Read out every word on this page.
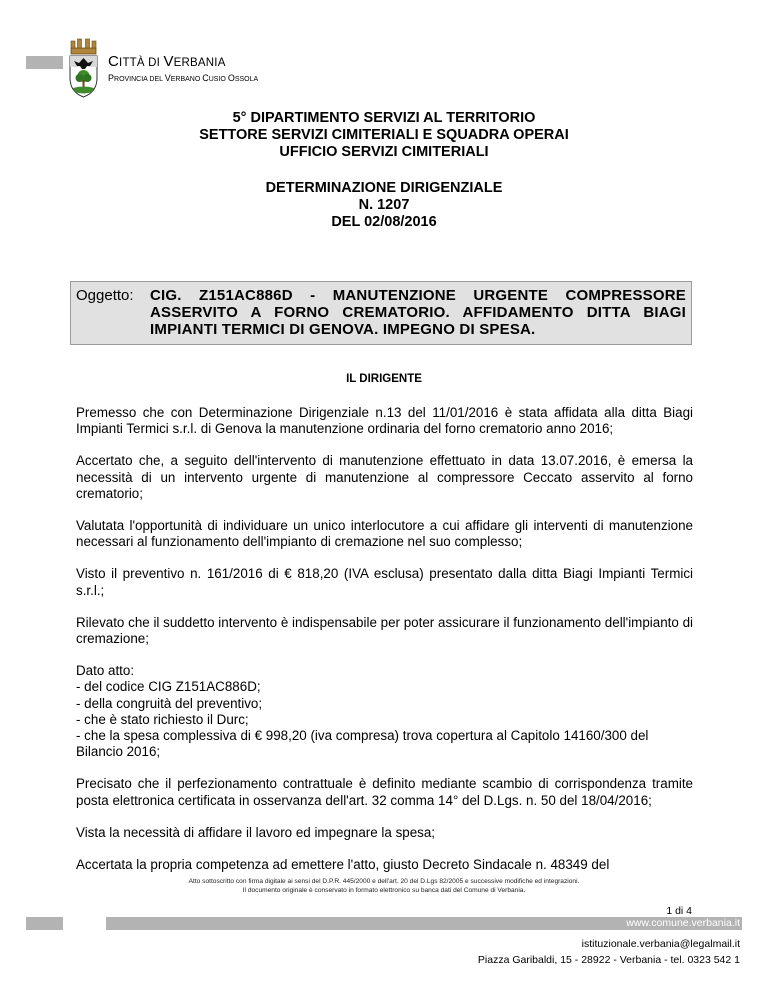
CITTÀ DI VERBANIA
PROVINCIA DEL VERBANO CUSIO OSSOLA
5° DIPARTIMENTO SERVIZI AL TERRITORIO
SETTORE SERVIZI CIMITERIALI E SQUADRA OPERAI
UFFICIO SERVIZI CIMITERIALI
DETERMINAZIONE DIRIGENZIALE
N. 1207
DEL 02/08/2016
Oggetto: CIG. Z151AC886D - MANUTENZIONE URGENTE COMPRESSORE ASSERVITO A FORNO CREMATORIO. AFFIDAMENTO DITTA BIAGI IMPIANTI TERMICI DI GENOVA. IMPEGNO DI SPESA.
IL DIRIGENTE

Premesso che con Determinazione Dirigenziale n.13 del 11/01/2016 è stata affidata alla ditta Biagi Impianti Termici s.r.l. di Genova la manutenzione ordinaria del forno crematorio anno 2016;

Accertato che, a seguito dell'intervento di manutenzione effettuato in data 13.07.2016, è emersa la necessità di un intervento urgente di manutenzione al compressore Ceccato asservito al forno crematorio;

Valutata l'opportunità di individuare un unico interlocutore a cui affidare gli interventi di manutenzione necessari al funzionamento dell'impianto di cremazione nel suo complesso;

Visto il preventivo n. 161/2016 di € 818,20 (IVA esclusa) presentato dalla ditta Biagi Impianti Termici s.r.l.;

Rilevato che il suddetto intervento è indispensabile per poter assicurare il funzionamento dell'impianto di cremazione;

Dato atto:
- del codice CIG Z151AC886D;
- della congruità del preventivo;
- che è stato richiesto il Durc;
- che la spesa complessiva di € 998,20 (iva compresa) trova copertura al Capitolo 14160/300 del Bilancio 2016;

Precisato che il perfezionamento contrattuale è definito mediante scambio di corrispondenza tramite posta elettronica certificata in osservanza dell'art. 32 comma 14° del D.Lgs. n. 50 del 18/04/2016;

Vista la necessità di affidare il lavoro ed impegnare la spesa;

Accertata la propria competenza ad emettere l'atto, giusto Decreto Sindacale n. 48349 del

Atto sottoscritto con firma digitale ai sensi del D.P.R. 445/2000 e dell'art. 20 del D.Lgs 82/2005 e successive modifiche ed integrazioni.
Il documento originale è conservato in formato elettronico su banca dati del Comune di Verbania.
1 di 4
www.comune.verbania.it
istituzionale.verbania@legalmail.it
Piazza Garibaldi, 15 - 28922 - Verbania - tel. 0323 542 1
